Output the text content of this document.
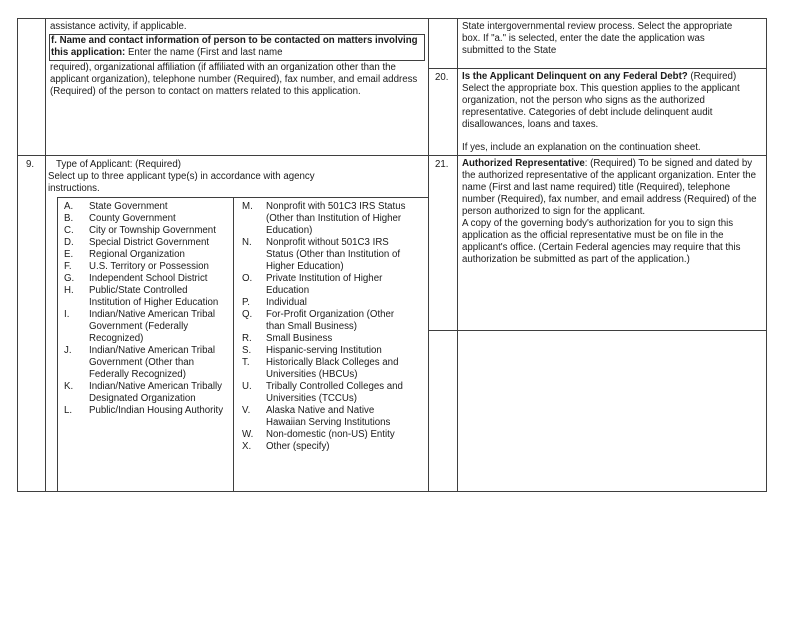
assistance activity, if applicable.

f. Name and contact information of person to be contacted on matters involving this application: Enter the name (First and last name

required), organizational affiliation (if affiliated with an organization other than the applicant organization), telephone number (Required), fax number, and email address (Required) of the person to contact on matters related to this application.

9.	Type of Applicant: (Required)

Select up to three applicant type(s) in accordance with agency instructions.

A.	State Government
B.	County Government
C.	City or Township Government
D.	Special District Government
E.	Regional Organization
F.	U.S. Territory or Possession
G.	Independent School District
H.	Public/State Controlled Institution of Higher Education
I.	Indian/Native American Tribal Government (Federally Recognized)
J.	Indian/Native American Tribal Government (Other than Federally Recognized)
K.	Indian/Native American Tribally Designated Organization
L.	Public/Indian Housing Authority
M.	Nonprofit with 501C3 IRS Status (Other than Institution of Higher Education)
N.	Nonprofit without 501C3 IRS Status (Other than Institution of Higher Education)
O.	Private Institution of Higher Education
P.	Individual
Q.	For-Profit Organization (Other than Small Business)
R.	Small Business
S.	Hispanic-serving Institution
T.	Historically Black Colleges and Universities (HBCUs)
U.	Tribally Controlled Colleges and Universities (TCCUs)
V.	Alaska Native and Native Hawaiian Serving Institutions
W.	Non-domestic (non-US) Entity
X.	Other (specify)

State intergovernmental review process. Select the appropriate box. If "a." is selected, enter the date the application was submitted to the State

20.	Is the Applicant Delinquent on any Federal Debt? (Required) Select the appropriate box. This question applies to the applicant organization, not the person who signs as the authorized representative. Categories of debt include delinquent audit disallowances, loans and taxes.

If yes, include an explanation on the continuation sheet.

21.	Authorized Representative: (Required) To be signed and dated by the authorized representative of the applicant organization. Enter the name (First and last name required) title (Required), telephone number (Required), fax number, and email address (Required) of the person authorized to sign for the applicant.

A copy of the governing body's authorization for you to sign this application as the official representative must be on file in the applicant's office. (Certain Federal agencies may require that this authorization be submitted as part of the application.)
